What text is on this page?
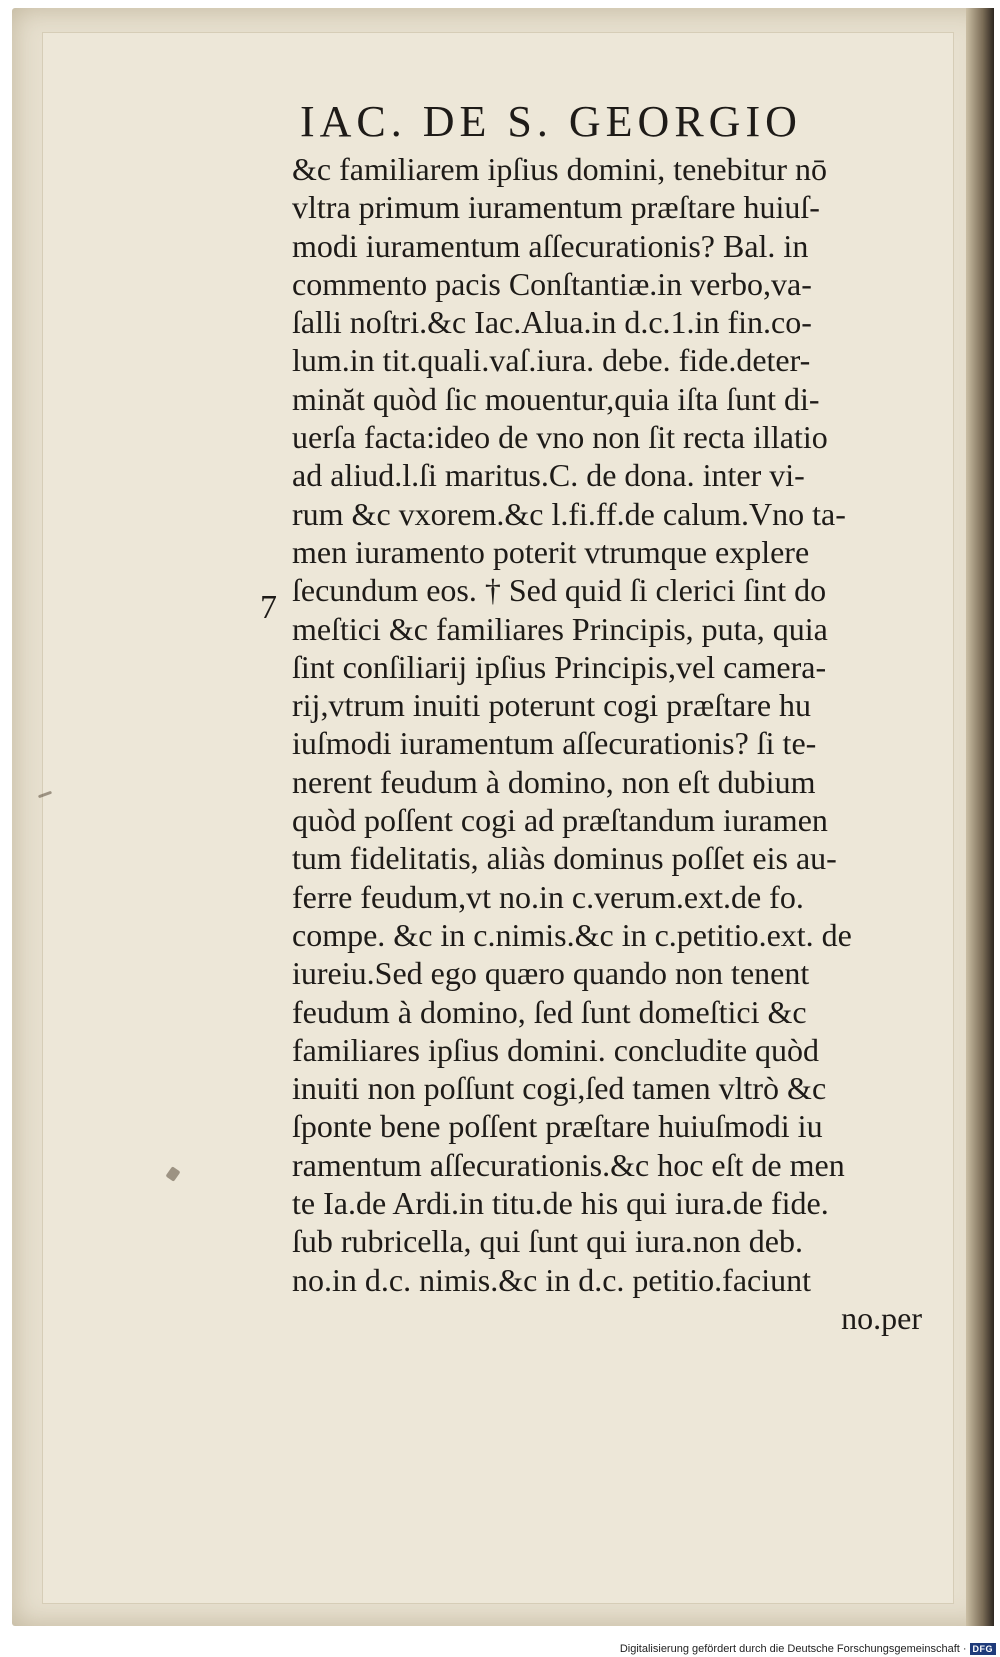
IAC. DE S. GEORGIO
7
&c familiarem ipſius domini, tenebitur nō
vltra primum iuramentum præſtare huiuſ-
modi iuramentum aſſecurationis? Bal. in
commento pacis Conſtantiæ.in verbo,va-
ſalli noſtri.&c Iac.Alua.in d.c.1.in fin.co-
lum.in tit.quali.vaſ.iura. debe. fide.deter-
minăt quòd ſic mouentur,quia iſta ſunt di-
uerſa facta:ideo de vno non ſit recta illatio
ad aliud.l.ſi maritus.C. de dona. inter vi-
rum &c vxorem.&c l.fi.ff.de calum.Vno ta-
men iuramento poterit vtrumque explere
ſecundum eos. † Sed quid ſi clerici ſint do
meſtici &c familiares Principis, puta, quia
ſint conſiliarij ipſius Principis,vel camera-
rij,vtrum inuiti poterunt cogi præſtare hu
iuſmodi iuramentum aſſecurationis? ſi te-
nerent feudum à domino, non eſt dubium
quòd poſſent cogi ad præſtandum iuramen
tum fidelitatis, aliàs dominus poſſet eis au-
ferre feudum,vt no.in c.verum.ext.de fo.
compe. &c in c.nimis.&c in c.petitio.ext. de
iureiu.Sed ego quæro quando non tenent
feudum à domino, ſed ſunt domeſtici &c
familiares ipſius domini. concludite quòd
inuiti non poſſunt cogi,ſed tamen vltrò &c
ſponte bene poſſent præſtare huiuſmodi iu
ramentum aſſecurationis.&c hoc eſt de men
te Ia.de Ardi.in titu.de his qui iura.de fide.
ſub rubricella, qui ſunt qui iura.non deb.
no.in d.c. nimis.&c in d.c. petitio.faciunt
no.per
Digitalisierung gefördert durch die Deutsche Forschungsgemeinschaft · DFG
